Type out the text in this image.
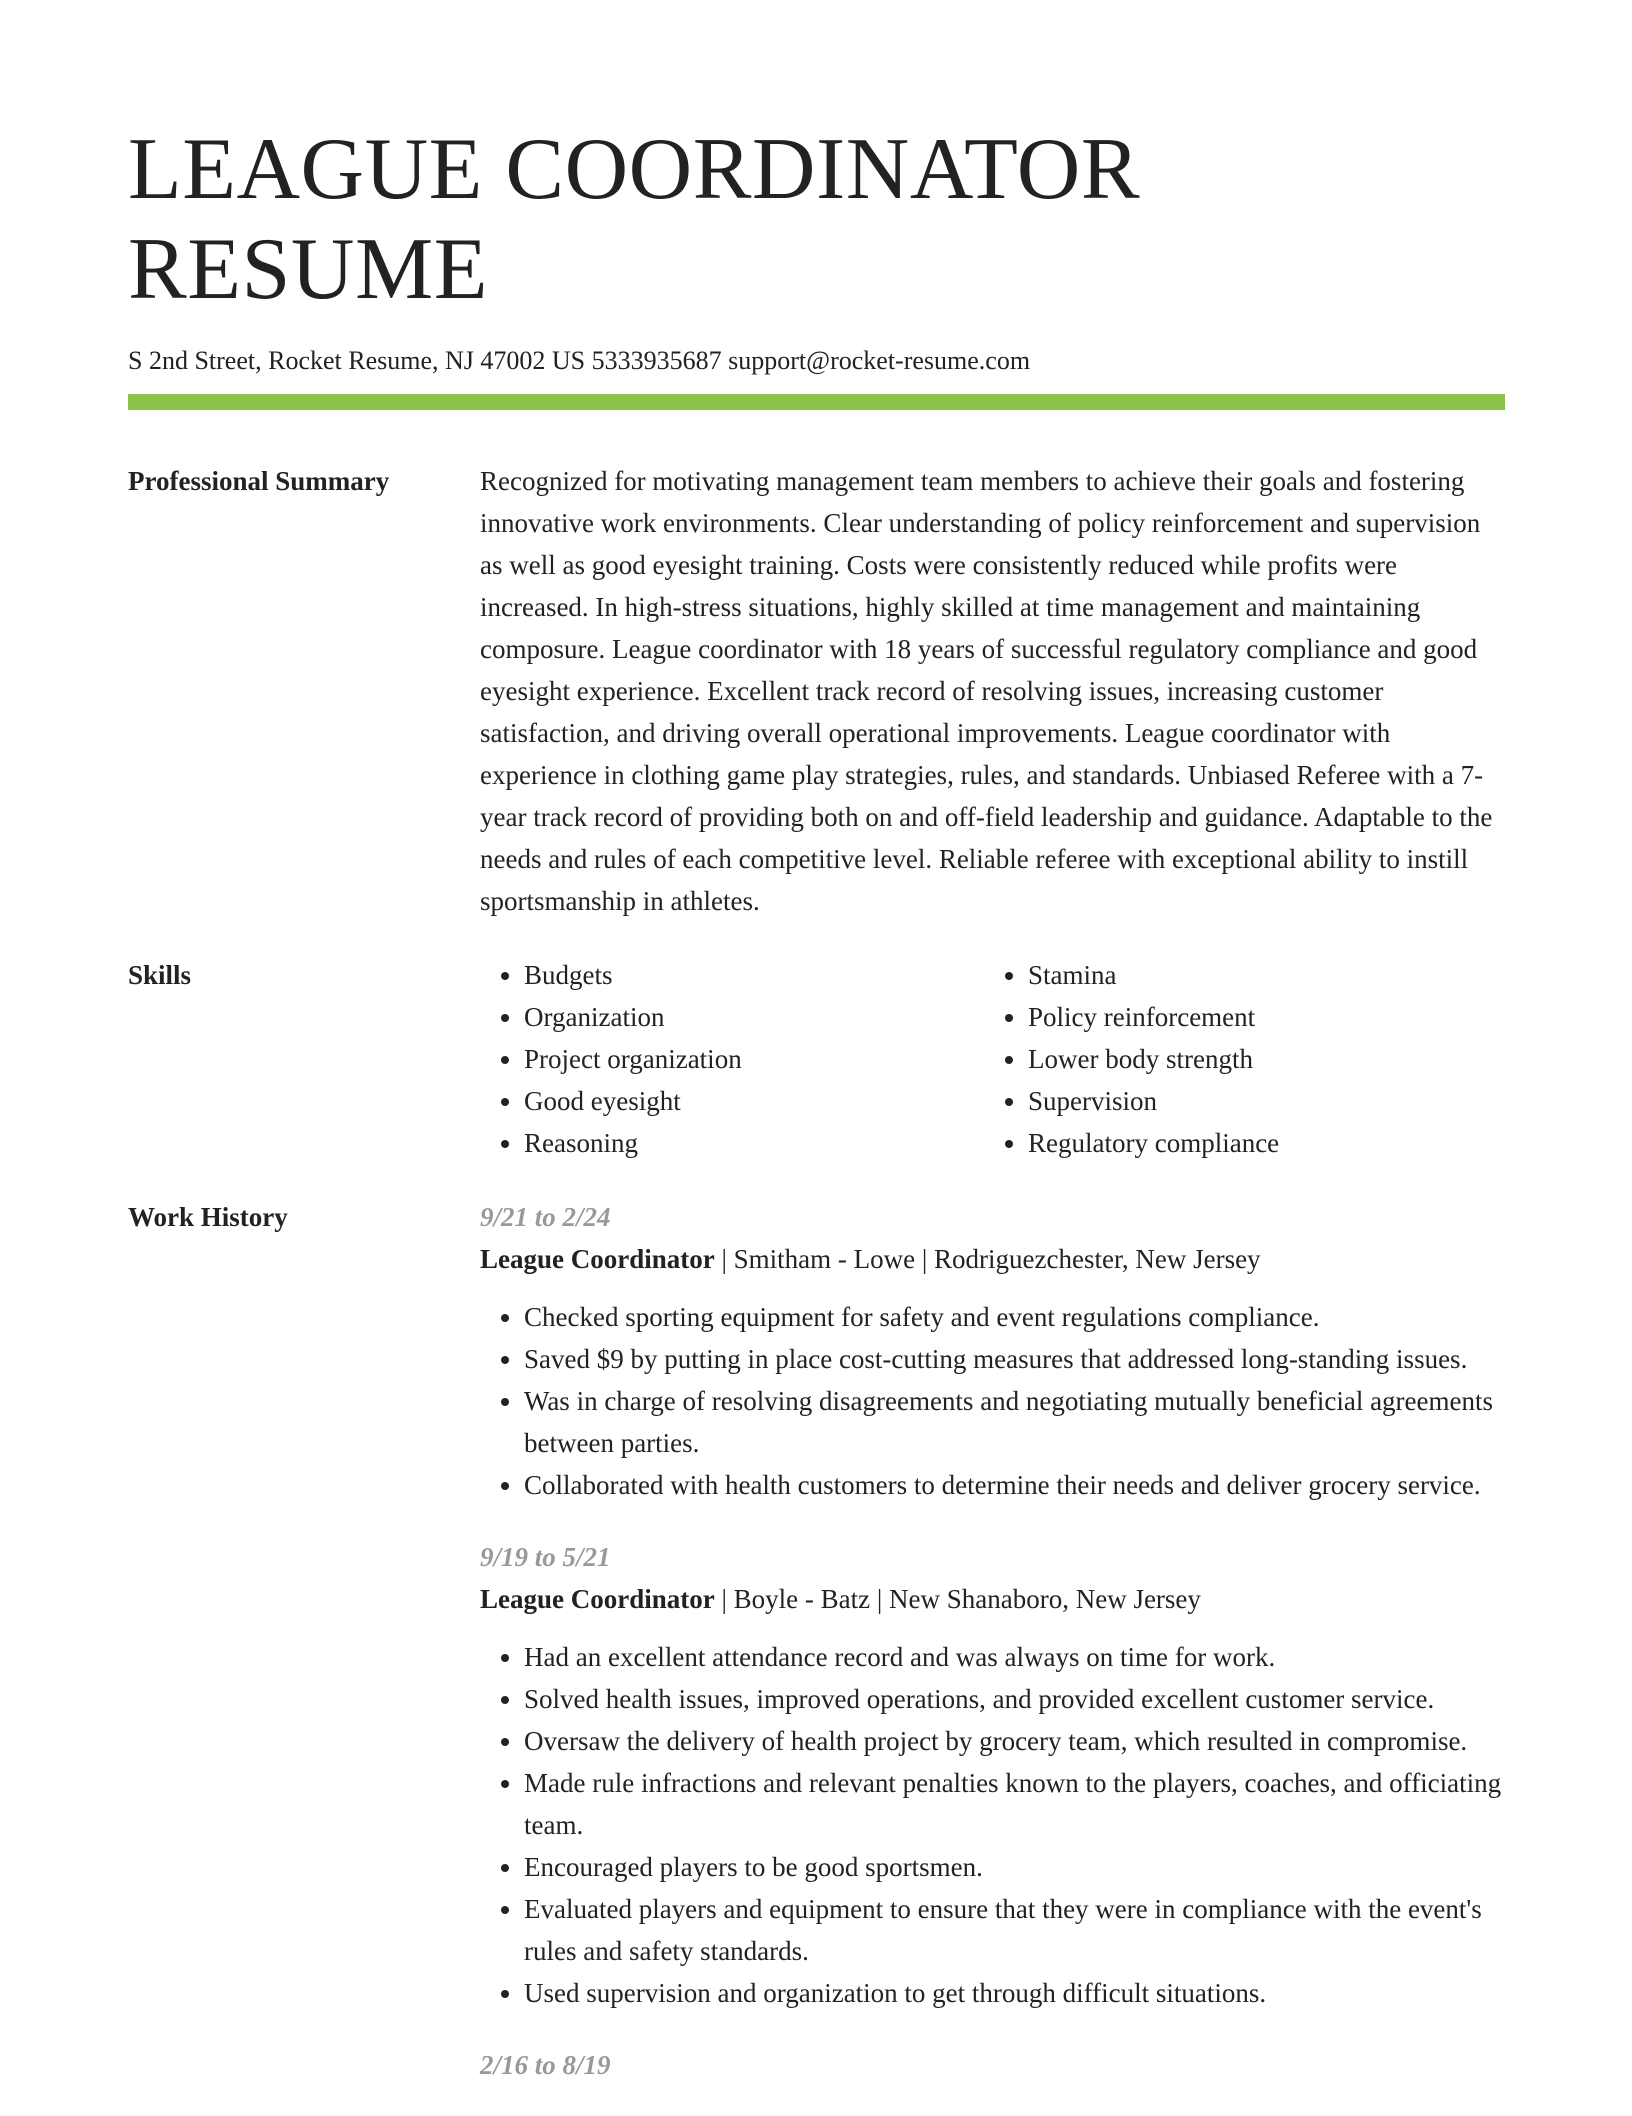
LEAGUE COORDINATOR RESUME
S 2nd Street, Rocket Resume, NJ 47002 US 5333935687 support@rocket-resume.com
Professional Summary	Recognized for motivating management team members to achieve their goals and fostering innovative work environments. Clear understanding of policy reinforcement and supervision as well as good eyesight training. Costs were consistently reduced while profits were increased. In high-stress situations, highly skilled at time management and maintaining composure. League coordinator with 18 years of successful regulatory compliance and good eyesight experience. Excellent track record of resolving issues, increasing customer satisfaction, and driving overall operational improvements. League coordinator with experience in clothing game play strategies, rules, and standards. Unbiased Referee with a 7-year track record of providing both on and off-field leadership and guidance. Adaptable to the needs and rules of each competitive level. Reliable referee with exceptional ability to instill sportsmanship in athletes.
Skills
•	Budgets
• Organization
• Project organization
• Good eyesight
• Reasoning
• Stamina
• Policy reinforcement
• Lower body strength
• Supervision
• Regulatory compliance
Work History	9/21 to 2/24
League Coordinator | Smitham - Lowe | Rodriguezchester, New Jersey
• Checked sporting equipment for safety and event regulations compliance.
• Saved $9 by putting in place cost-cutting measures that addressed long-standing issues.
• Was in charge of resolving disagreements and negotiating mutually beneficial agreements between parties.
• Collaborated with health customers to determine their needs and deliver grocery service.
9/19 to 5/21
League Coordinator | Boyle - Batz | New Shanaboro, New Jersey
• Had an excellent attendance record and was always on time for work.
• Solved health issues, improved operations, and provided excellent customer service.
• Oversaw the delivery of health project by grocery team, which resulted in compromise.
• Made rule infractions and relevant penalties known to the players, coaches, and officiating team.
• Encouraged players to be good sportsmen.
• Evaluated players and equipment to ensure that they were in compliance with the event's rules and safety standards.
• Used supervision and organization to get through difficult situations.
2/16 to 8/19
